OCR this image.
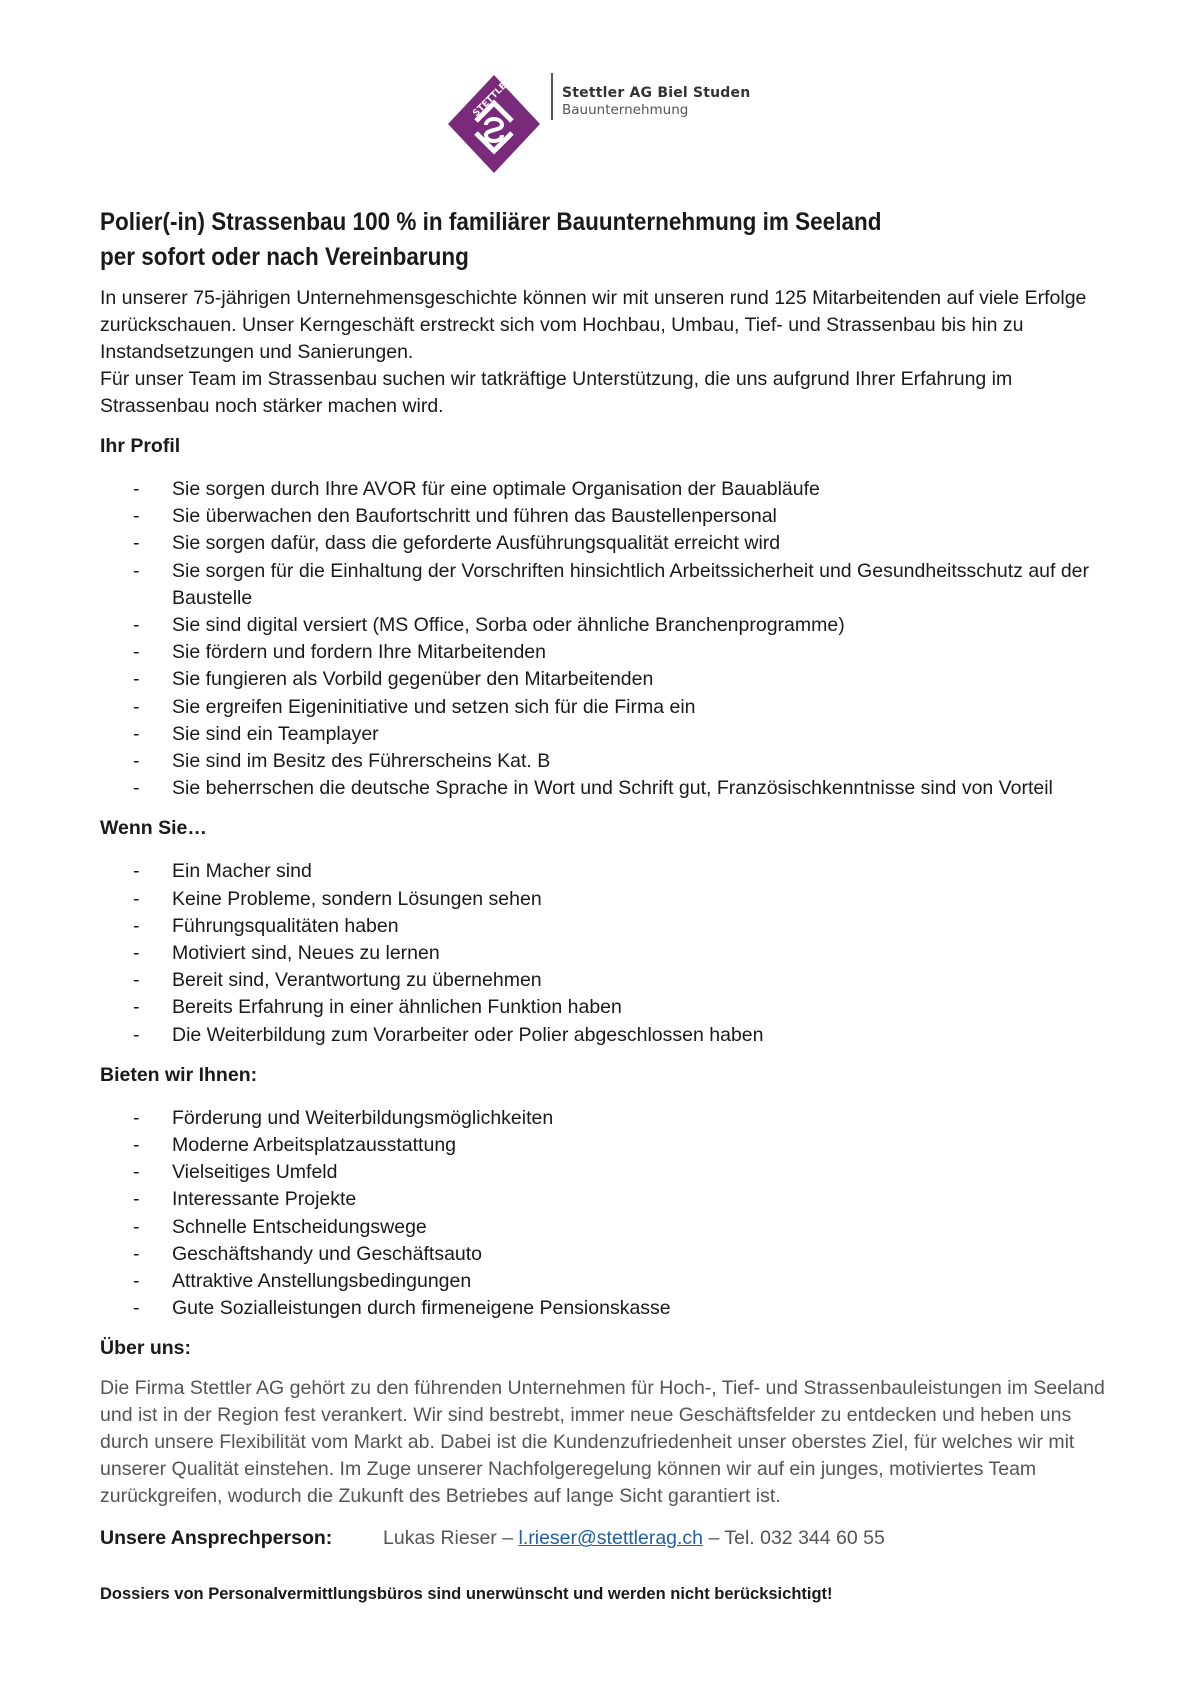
STETTLER	Stettler AG Biel Studen
Bauunternehmung
Polier(-in) Strassenbau 100 % in familiärer Bauunternehmung im Seeland
per sofort oder nach Vereinbarung

In unserer 75-jährigen Unternehmensgeschichte können wir mit unseren rund 125 Mitarbeitenden auf viele Erfolge zurückschauen. Unser Kerngeschäft erstreckt sich vom Hochbau, Umbau, Tief- und Strassenbau bis hin zu Instandsetzungen und Sanierungen.
Für unser Team im Strassenbau suchen wir tatkräftige Unterstützung, die uns aufgrund Ihrer Erfahrung im Strassenbau noch stärker machen wird.

Ihr Profil
- Sie sorgen durch Ihre AVOR für eine optimale Organisation der Bauabläufe
- Sie überwachen den Baufortschritt und führen das Baustellenpersonal
- Sie sorgen dafür, dass die geforderte Ausführungsqualität erreicht wird
- Sie sorgen für die Einhaltung der Vorschriften hinsichtlich Arbeitssicherheit und Gesundheitsschutz auf der Baustelle
- Sie sind digital versiert (MS Office, Sorba oder ähnliche Branchenprogramme)
- Sie fördern und fordern Ihre Mitarbeitenden
- Sie fungieren als Vorbild gegenüber den Mitarbeitenden
- Sie ergreifen Eigeninitiative und setzen sich für die Firma ein
- Sie sind ein Teamplayer
- Sie sind im Besitz des Führerscheins Kat. B
- Sie beherrschen die deutsche Sprache in Wort und Schrift gut, Französischkenntnisse sind von Vorteil
Wenn Sie…
- Ein Macher sind
- Keine Probleme, sondern Lösungen sehen
- Führungsqualitäten haben
- Motiviert sind, Neues zu lernen
- Bereit sind, Verantwortung zu übernehmen
- Bereits Erfahrung in einer ähnlichen Funktion haben
- Die Weiterbildung zum Vorarbeiter oder Polier abgeschlossen haben
Bieten wir Ihnen:
- Förderung und Weiterbildungsmöglichkeiten
- Moderne Arbeitsplatzausstattung
- Vielseitiges Umfeld
- Interessante Projekte
- Schnelle Entscheidungswege
- Geschäftshandy und Geschäftsauto
- Attraktive Anstellungsbedingungen
- Gute Sozialleistungen durch firmeneigene Pensionskasse
Über uns:
Die Firma Stettler AG gehört zu den führenden Unternehmen für Hoch-, Tief- und Strassenbauleistungen im Seeland und ist in der Region fest verankert. Wir sind bestrebt, immer neue Geschäftsfelder zu entdecken und heben uns durch unsere Flexibilität vom Markt ab. Dabei ist die Kundenzufriedenheit unser oberstes Ziel, für welches wir mit unserer Qualität einstehen. Im Zuge unserer Nachfolgeregelung können wir auf ein junges, motiviertes Team zurückgreifen, wodurch die Zukunft des Betriebes auf lange Sicht garantiert ist.
Unsere Ansprechperson:	Lukas Rieser – l.rieser@stettlerag.ch – Tel. 032 344 60 55
Dossiers von Personalvermittlungsbüros sind unerwünscht und werden nicht berücksichtigt!
